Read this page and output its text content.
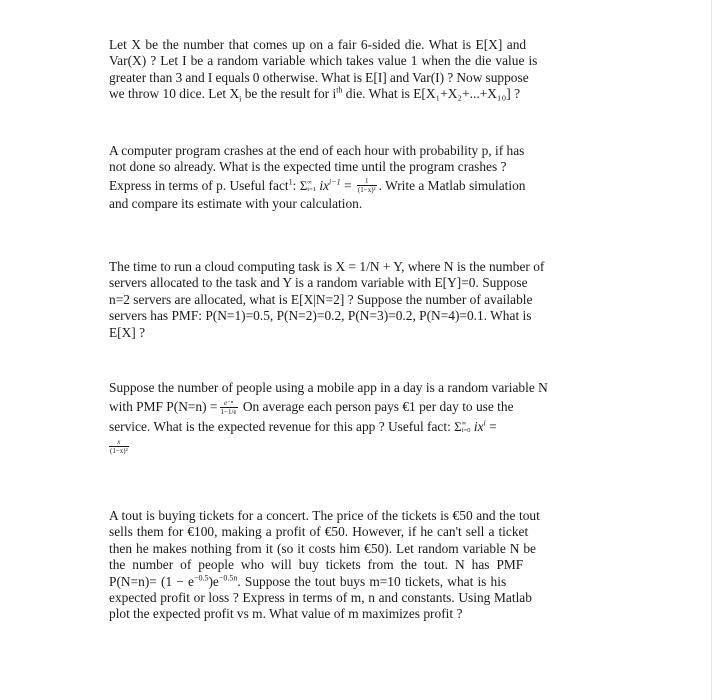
Let X be the number that comes up on a fair 6-sided die. What is E[X] and
Var(X) ? Let I be a random variable which takes value 1 when the die value is
greater than 3 and I equals 0 otherwise. What is E[I] and Var(I) ? Now suppose
we throw 10 dice. Let $X_i$ be the result for $i^{th}$ die. What is E[X₁+X₂+...+X₁₀] ?
A computer program crashes at the end of each hour with probability p, if has
not done so already. What is the expected time until the program crashes ?
Express in terms of p. Useful fact$^1$: Σ ∞
i=1 $ix^{i-1} = \frac{1}{\text{(1−x)²}}$ . Write a Matlab simulation
and compare its estimate with your calculation.
The time to run a cloud computing task is X = 1/N + Y, where N is the number of
servers allocated to the task and Y is a random variable with E[Y]=0. Suppose
n=2 servers are allocated, what is E[X|N=2] ? Suppose the number of available
servers has PMF: P(N=1)=0.5, P(N=2)=0.2, P(N=3)=0.2, P(N=4)=0.1. What is
E[X] ?
Suppose the number of people using a mobile app in a day is a random variable N
with PMF $P(N=n) = \frac{\text{e⁻ⁿ}}{1-1/e}$ On average each person pays €1 per day to use the
service. What is the expected revenue for this app ? Useful fact: Σ ∞
i=0 $ix^i$ =
$\frac{x}{\text{(1−x)²}}$
A tout is buying tickets for a concert. The price of the tickets is €50 and the tout
sells them for €100, making a profit of €50. However, if he can't sell a ticket
then he makes nothing from it (so it costs him €50). Let random variable N be
the number of people who will buy tickets from the tout. N has PMF
$P(N=n)= (1 - e^{-0.5})e^{-0.5n}$. Suppose the tout buys m=10 tickets, what is his
expected profit or loss ? Express in terms of m, n and constants. Using Matlab
plot the expected profit vs m. What value of m maximizes profit ?
